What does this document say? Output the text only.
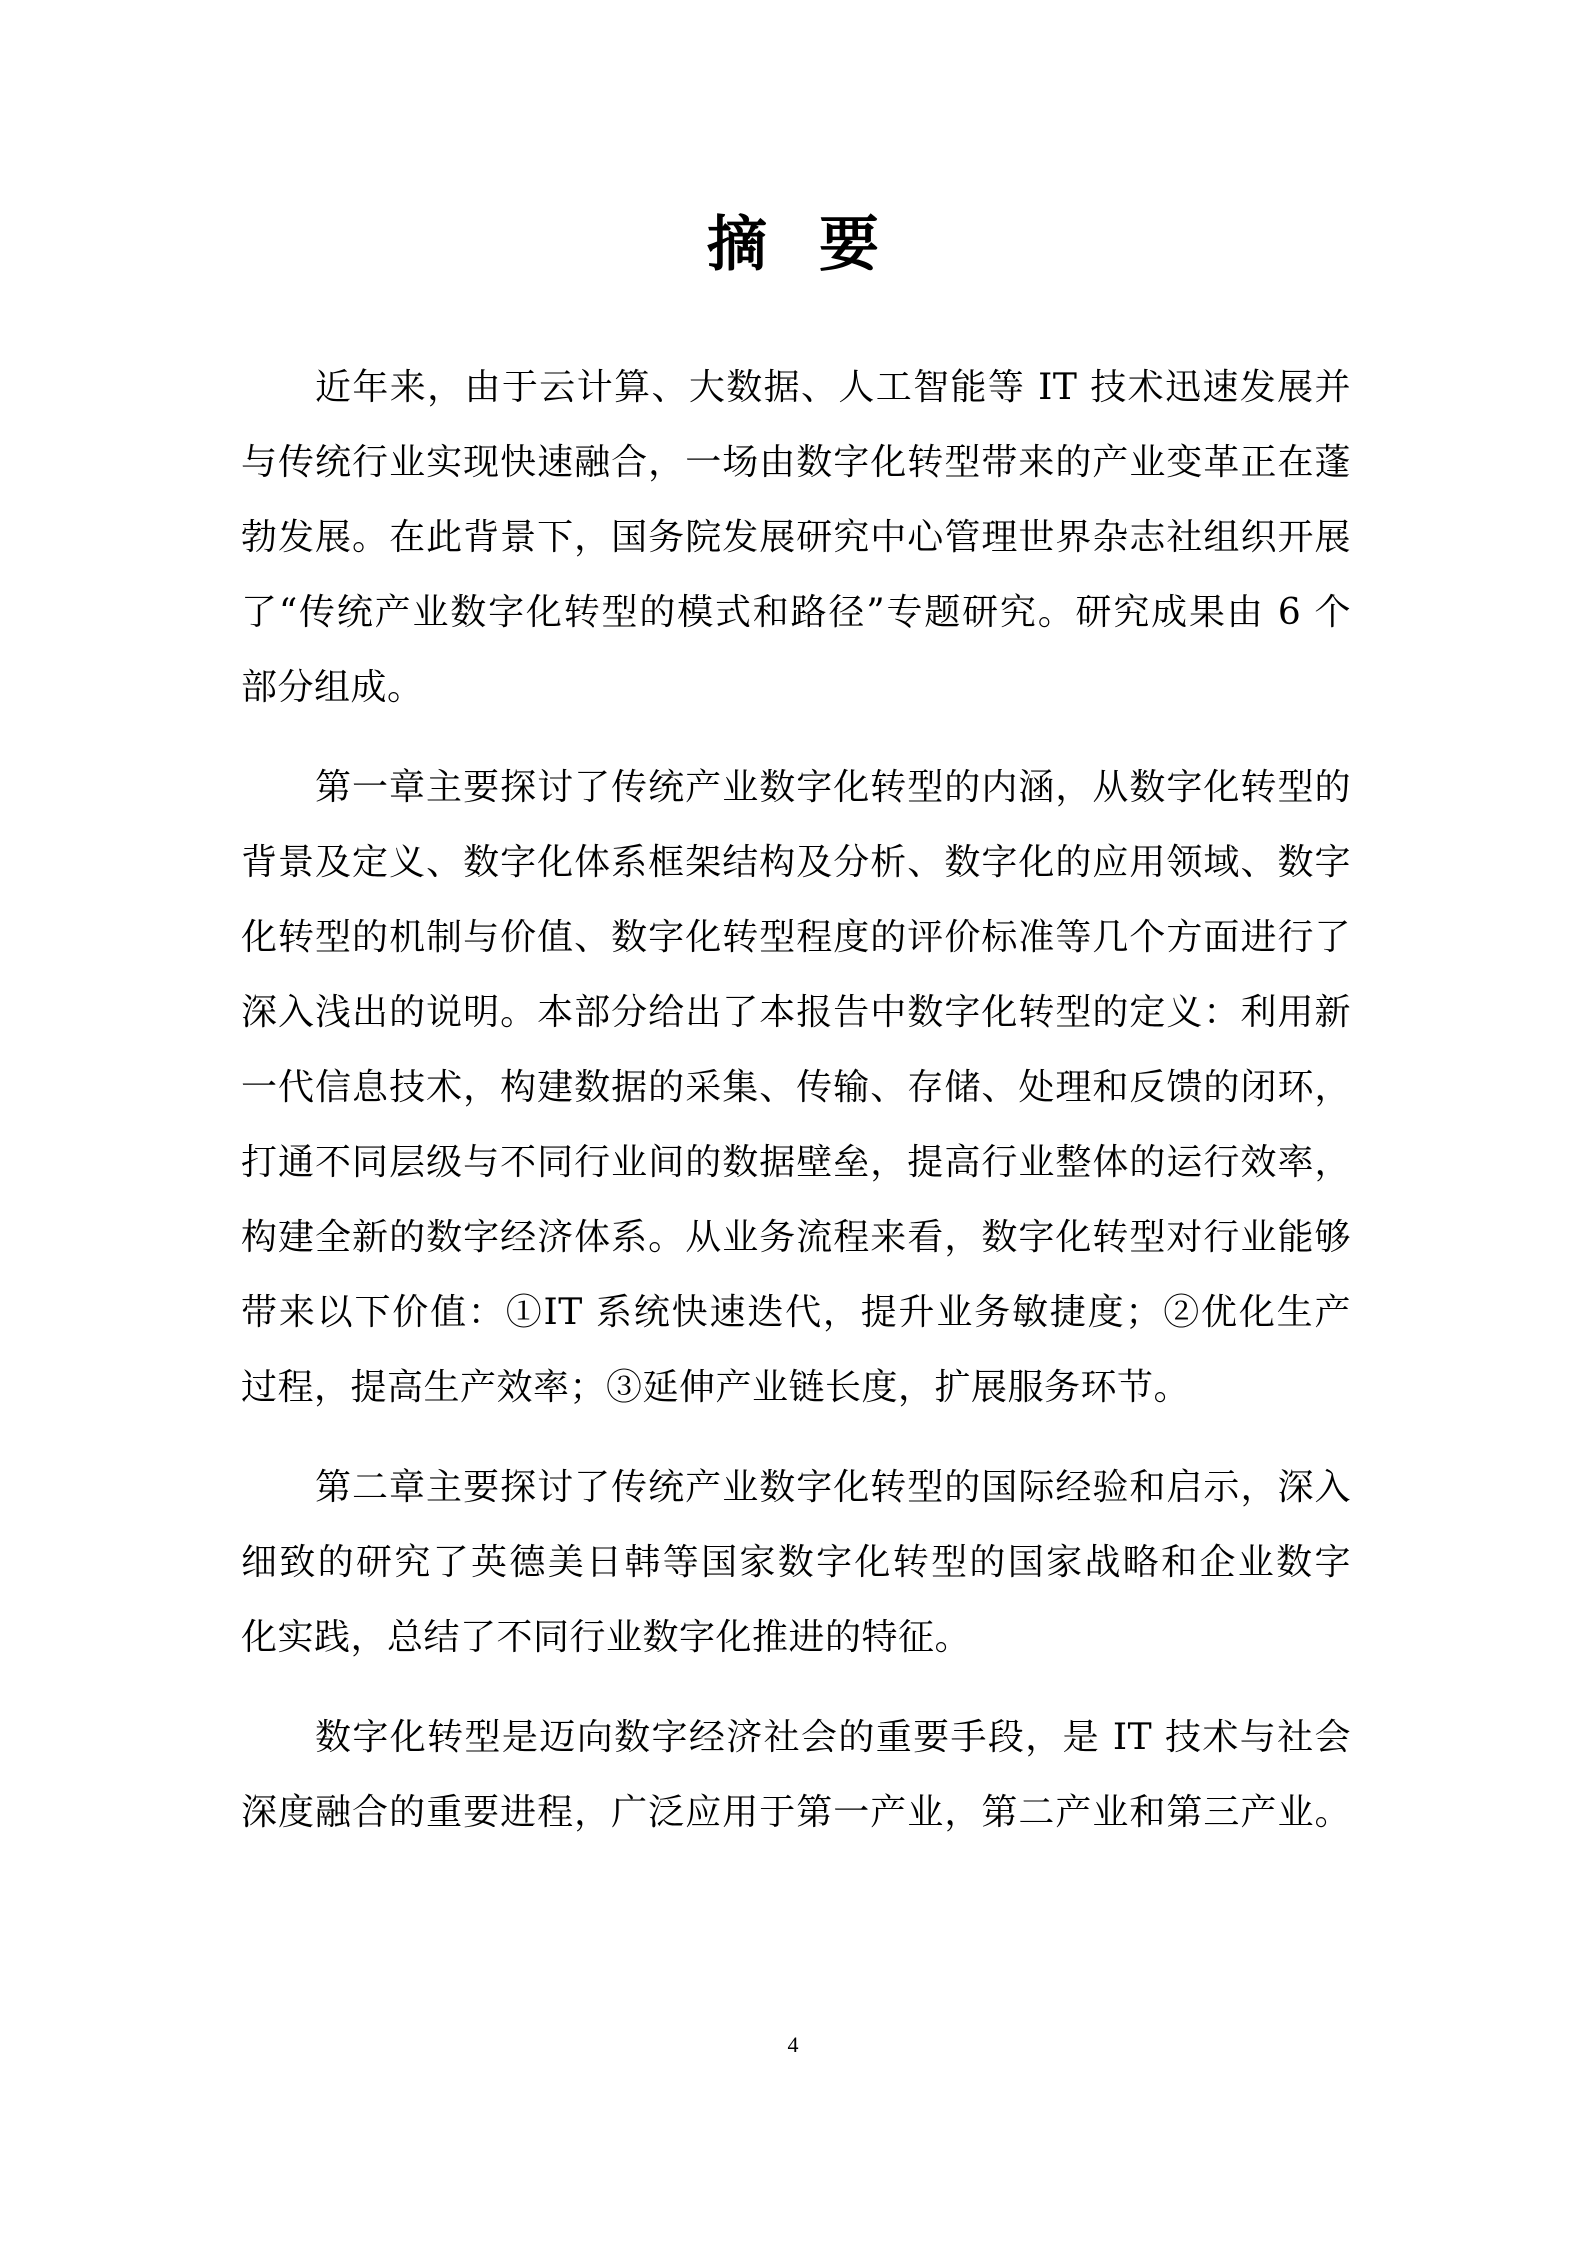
摘要
近年来，由于云计算、大数据、人工智能等 IT 技术迅速发展并
与传统行业实现快速融合，一场由数字化转型带来的产业变革正在蓬
勃发展。在此背景下，国务院发展研究中心管理世界杂志社组织开展
了“传统产业数字化转型的模式和路径”专题研究。研究成果由 6 个
部分组成。
第一章主要探讨了传统产业数字化转型的内涵，从数字化转型的
背景及定义、数字化体系框架结构及分析、数字化的应用领域、数字
化转型的机制与价值、数字化转型程度的评价标准等几个方面进行了
深入浅出的说明。本部分给出了本报告中数字化转型的定义：利用新
一代信息技术，构建数据的采集、传输、存储、处理和反馈的闭环，
打通不同层级与不同行业间的数据壁垒，提高行业整体的运行效率，
构建全新的数字经济体系。从业务流程来看，数字化转型对行业能够
带来以下价值：①IT 系统快速迭代，提升业务敏捷度；②优化生产
过程，提高生产效率；③延伸产业链长度，扩展服务环节。
第二章主要探讨了传统产业数字化转型的国际经验和启示，深入
细致的研究了英德美日韩等国家数字化转型的国家战略和企业数字
化实践，总结了不同行业数字化推进的特征。
数字化转型是迈向数字经济社会的重要手段，是 IT 技术与社会
深度融合的重要进程，广泛应用于第一产业，第二产业和第三产业。
4
